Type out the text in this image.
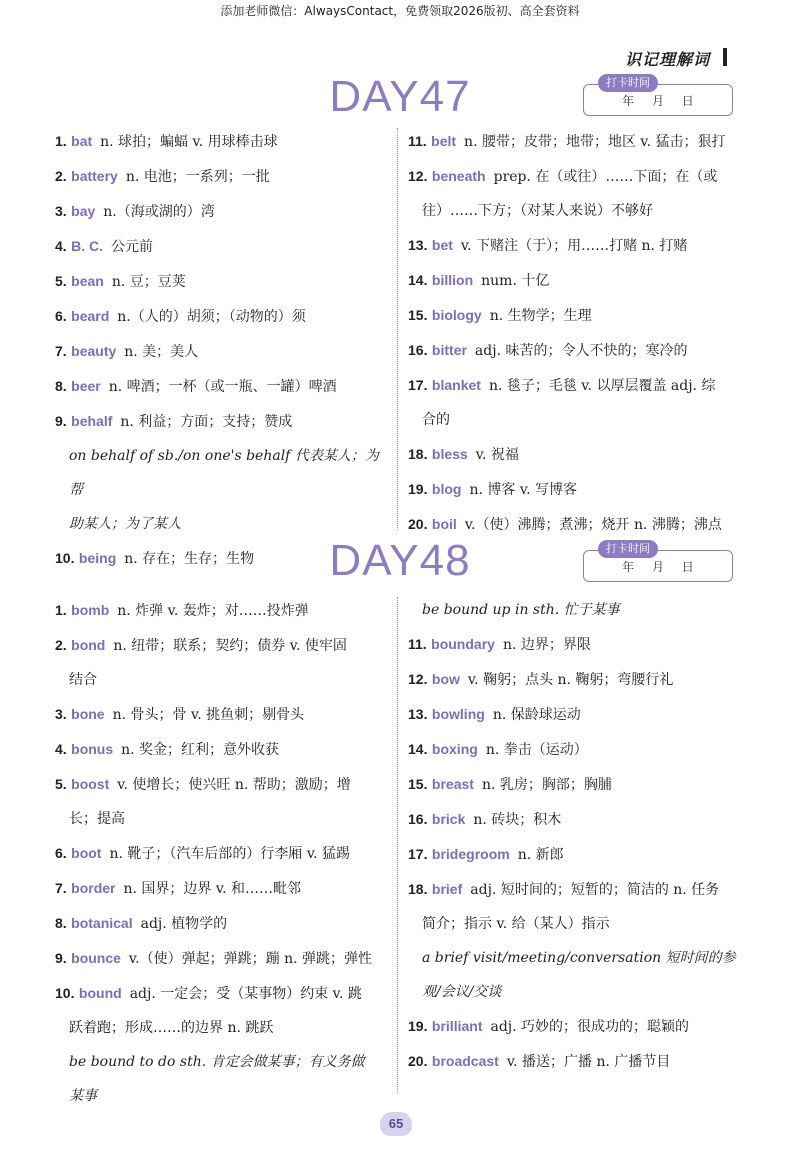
添加老师微信：AlwaysContact，免费领取2026版初、高全套资料
识记理解词
DAY47	打卡时间
年 月 日
1. bat n. 球拍；蝙蝠 v. 用球棒击球
2. battery n. 电池；一系列；一批
3. bay n.（海或湖的）湾
4. B. C. 公元前
5. bean n. 豆；豆荚
6. beard n.（人的）胡须；（动物的）须
7. beauty n. 美；美人
8. beer n. 啤酒；一杯（或一瓶、一罐）啤酒
9. behalf n. 利益；方面；支持；赞成
on behalf of sb./on one's behalf 代表某人；为帮
助某人；为了某人
10. being n. 存在；生存；生物
11. belt n. 腰带；皮带；地带；地区 v. 猛击；狠打
12. beneath prep. 在（或往）……下面；在（或
往）……下方；（对某人来说）不够好
13. bet v. 下赌注（于）；用……打赌 n. 打赌
14. billion num. 十亿
15. biology n. 生物学；生理
16. bitter adj. 味苦的；令人不快的；寒冷的
17. blanket n. 毯子；毛毯 v. 以厚层覆盖 adj. 综
合的
18. bless v. 祝福
19. blog n. 博客 v. 写博客
20. boil v.（使）沸腾；煮沸；烧开 n. 沸腾；沸点
DAY48	打卡时间
年 月 日
1. bomb n. 炸弹 v. 轰炸；对……投炸弹
2. bond n. 纽带；联系；契约；债券 v. 使牢固
结合
3. bone n. 骨头；骨 v. 挑鱼刺；剔骨头
4. bonus n. 奖金；红利；意外收获
5. boost v. 使增长；使兴旺 n. 帮助；激励；增
长；提高
6. boot n. 靴子；（汽车后部的）行李厢 v. 猛踢
7. border n. 国界；边界 v. 和……毗邻
8. botanical adj. 植物学的
9. bounce v.（使）弹起；弹跳；蹦 n. 弹跳；弹性
10. bound adj. 一定会；受（某事物）约束 v. 跳
跃着跑；形成……的边界 n. 跳跃
be bound to do sth. 肯定会做某事；有义务做
某事
be bound up in sth. 忙于某事
11. boundary n. 边界；界限
12. bow v. 鞠躬；点头 n. 鞠躬；弯腰行礼
13. bowling n. 保龄球运动
14. boxing n. 拳击（运动）
15. breast n. 乳房；胸部；胸脯
16. brick n. 砖块；积木
17. bridegroom n. 新郎
18. brief adj. 短时间的；短暂的；简洁的 n. 任务
简介；指示 v. 给（某人）指示
a brief visit/meeting/conversation 短时间的参
观/会议/交谈
19. brilliant adj. 巧妙的；很成功的；聪颖的
20. broadcast v. 播送；广播 n. 广播节目
65
